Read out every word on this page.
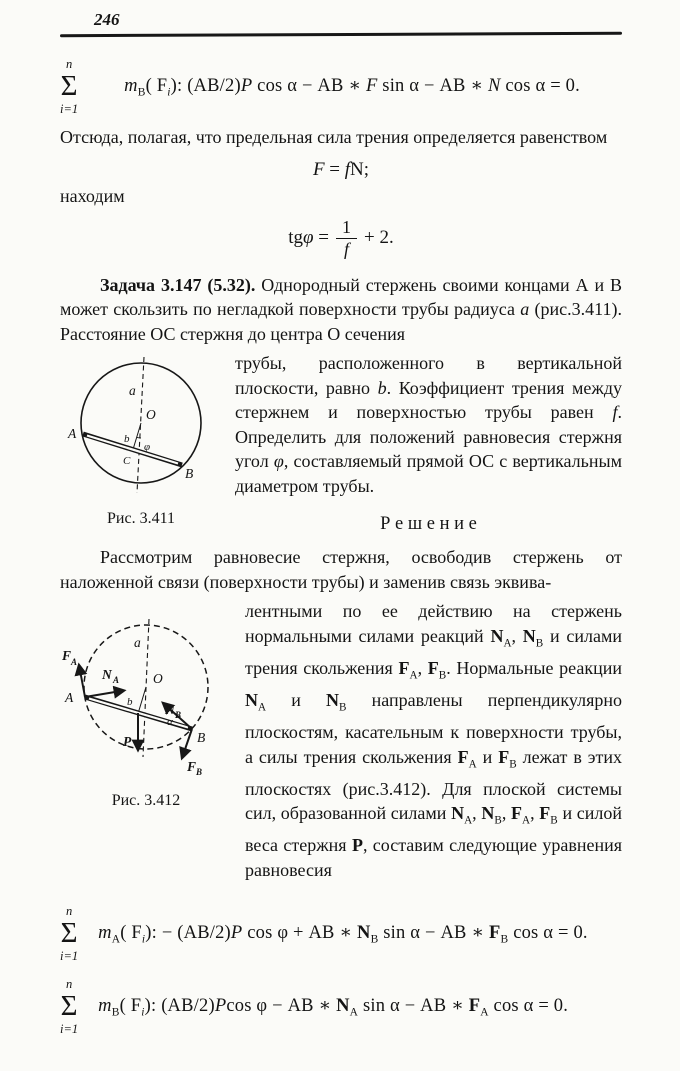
246
n
Σ
i=1
$m_B$( $F_i$): (AB/2)P cos α − AB ∗ F sin α − AB ∗ N cos α = 0.

Отсюда, полагая, что предельная сила трения определяется равенством

F = fN;
находим
$tg\varphi = \frac{1}{f} + 2$.
Задача 3.147 (5.32). Однородный стержень своими концами А и В может скользить по негладкой поверхности трубы радиуса a (рис.3.411). Расстояние ОС стержня до центра О сечения
a
O
b
φ
C
A
B
Рис. 3.411
трубы, расположенного в вертикальной плоскости, равно b. Коэффициент трения между стержнем и поверхностью трубы равен f. Определить для положений равновесия стержня угол φ, составляемый прямой ОС с вертикальным диаметром трубы.
Р е ш е н и е
Рассмотрим равновесие стержня, освободив стержень от наложенной связи (поверхности трубы) и заменив связь эквива-
F A
N A	O
a
b N B
α
P
F B
A
B
Рис. 3.412
лентными по ее действию на стержень нормальными силами реакций $N_A$, $N_B$ и силами трения скольжения $F_A$, $F_B$. Нормальные реакции $N_A$ и $N_B$ направлены перпендикулярно плоскостям, касательным к поверхности трубы, а силы трения скольжения $F_A$ и $F_B$ лежат в этих плоскостях (рис.3.412). Для плоской системы сил, образованной силами $N_A$, $N_B$, $F_A$, $F_B$ и силой веса стержня P, составим следующие уравнения равновесия
n
Σ
i=1
$m_A$( $F_i$): − (AB/2)P cos φ + AB ∗ $N_B$ sin α − AB ∗ $F_B$ cos α = 0.
n
Σ
i=1
$m_B$( $F_i$): (AB/2)Pcos φ − AB ∗ $N_A$ sin α − AB ∗ $F_A$ cos α = 0.
